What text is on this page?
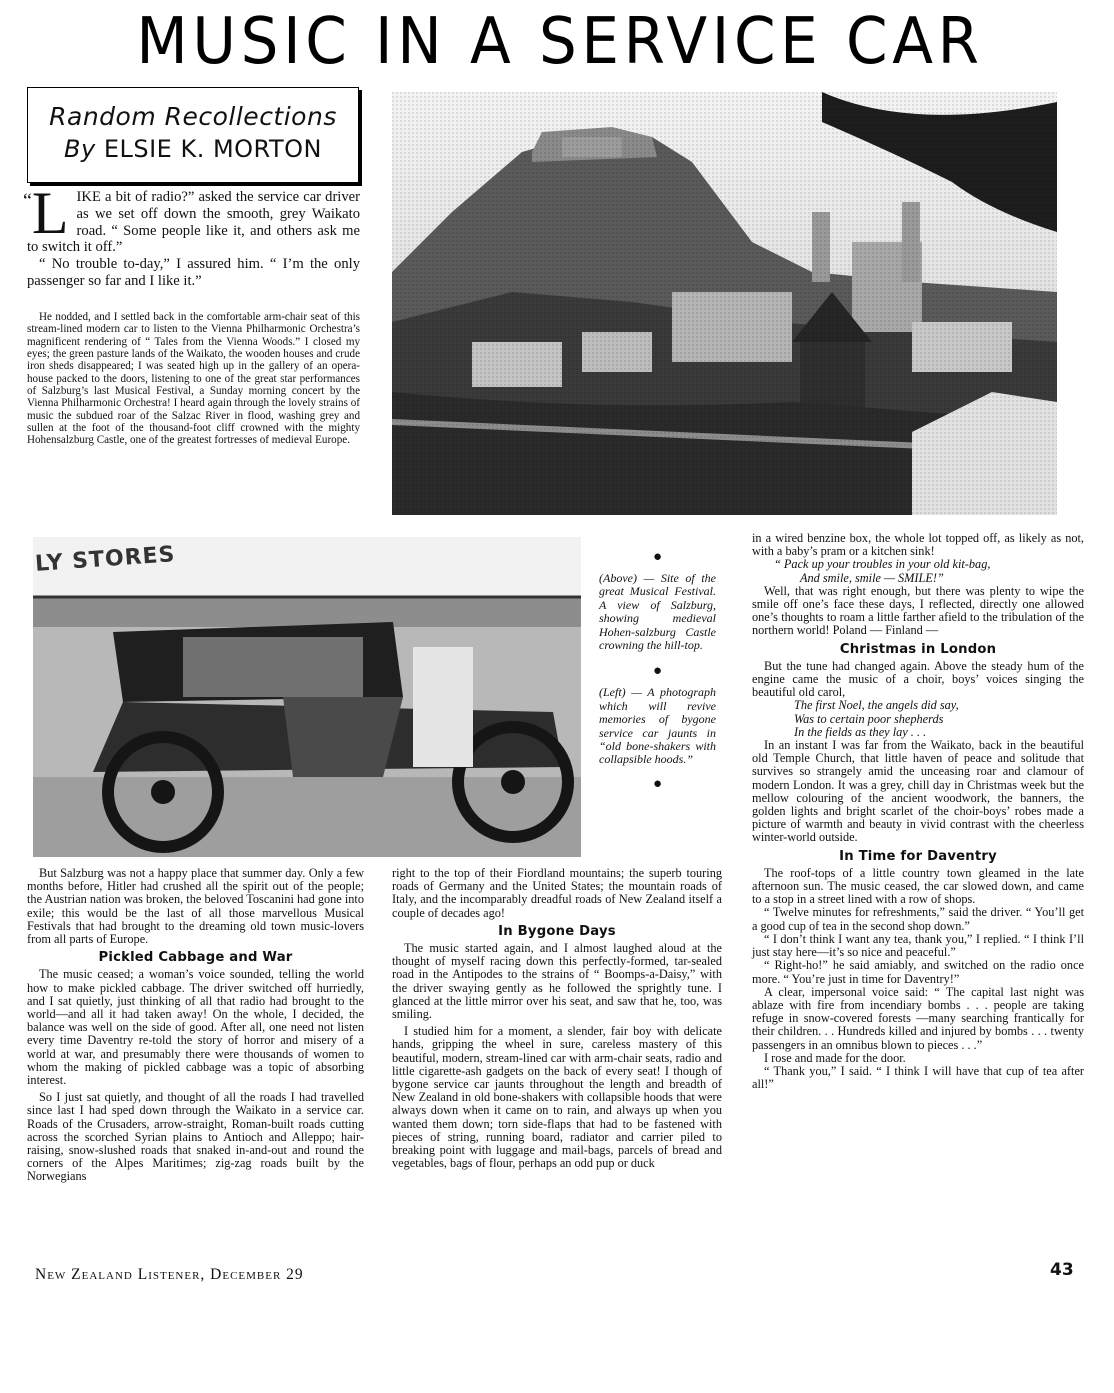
MUSIC IN A SERVICE CAR
Random Recollections
By ELSIE K. MORTON

“L IKE a bit of radio?” asked the service car driver as we set off down the smooth, grey Waikato road. “ Some people like it, and others ask me to switch it off.”

“ No trouble to-day,” I assured him. “ I’m the only passenger so far and I like it.”

He nodded, and I settled back in the comfortable arm-chair seat of this stream-lined modern car to listen to the Vienna Philharmonic Orchestra’s magnificent rendering of “ Tales from the Vienna Woods.” I closed my eyes; the green pasture lands of the Waikato, the wooden houses and crude iron sheds disappeared; I was seated high up in the gallery of an opera-house packed to the doors, listening to one of the great star performances of Salzburg’s last Musical Festival, a Sunday morning concert by the Vienna Philharmonic Orchestra! I heard again through the lovely strains of music the subdued roar of the Salzac River in flood, washing grey and sullen at the foot of the thousand-foot cliff crowned with the mighty Hohensalzburg Castle, one of the greatest fortresses of medieval Europe.

LY STORES	●
(Above) — Site of the great Musical Festival. A view of Salzburg, showing medieval Hohen-salzburg Castle crowning the hill-top.
●
(Left) — A photograph which will revive memories of bygone service car jaunts in “old bone-shakers with collapsible hoods.”
●

But Salzburg was not a happy place that summer day. Only a few months before, Hitler had crushed all the spirit out of the people; the Austrian nation was broken, the beloved Toscanini had gone into exile; this would be the last of all those marvellous Musical Festivals that had brought to the dreaming old town music-lovers from all parts of Europe.

Pickled Cabbage and War

The music ceased; a woman’s voice sounded, telling the world how to make pickled cabbage. The driver switched off hurriedly, and I sat quietly, just thinking of all that radio had brought to the world—and all it had taken away! On the whole, I decided, the balance was well on the side of good. After all, one need not listen every time Daventry re-told the story of horror and misery of a world at war, and presumably there were thousands of women to whom the making of pickled cabbage was a topic of absorbing interest.

So I just sat quietly, and thought of all the roads I had travelled since last I had sped down through the Waikato in a service car. Roads of the Crusaders, arrow-straight, Roman-built roads cutting across the scorched Syrian plains to Antioch and Alleppo; hair-raising, snow-slushed roads that snaked in-and-out and round the corners of the Alpes Maritimes; zig-zag roads built by the Norwegians

right to the top of their Fiordland mountains; the superb touring roads of Germany and the United States; the mountain roads of Italy, and the incomparably dreadful roads of New Zealand itself a couple of decades ago!

In Bygone Days

The music started again, and I almost laughed aloud at the thought of myself racing down this perfectly-formed, tar-sealed road in the Antipodes to the strains of “ Boomps-a-Daisy,” with the driver swaying gently as he followed the sprightly tune. I glanced at the little mirror over his seat, and saw that he, too, was smiling.

I studied him for a moment, a slender, fair boy with delicate hands, gripping the wheel in sure, careless mastery of this beautiful, modern, stream-lined car with arm-chair seats, radio and little cigarette-ash gadgets on the back of every seat! I though of bygone service car jaunts throughout the length and breadth of New Zealand in old bone-shakers with collapsible hoods that were always down when it came on to rain, and always up when you wanted them down; torn side-flaps that had to be fastened with pieces of string, running board, radiator and carrier piled to breaking point with luggage and mail-bags, parcels of bread and vegetables, bags of flour, perhaps an odd pup or duck

in a wired benzine box, the whole lot topped off, as likely as not, with a baby’s pram or a kitchen sink!

“ Pack up your troubles in your old kit-bag,
And smile, smile — SMILE!”

Well, that was right enough, but there was plenty to wipe the smile off one’s face these days, I reflected, directly one allowed one’s thoughts to roam a little farther afield to the tribulation of the northern world! Poland — Finland —

Christmas in London

But the tune had changed again. Above the steady hum of the engine came the music of a choir, boys’ voices singing the beautiful old carol,

The first Noel, the angels did say,
Was to certain poor shepherds
In the fields as they lay . . .

In an instant I was far from the Waikato, back in the beautiful old Temple Church, that little haven of peace and solitude that survives so strangely amid the unceasing roar and clamour of modern London. It was a grey, chill day in Christmas week but the mellow colouring of the ancient woodwork, the banners, the golden lights and bright scarlet of the choir-boys’ robes made a picture of warmth and beauty in vivid contrast with the cheerless winter-world outside.

In Time for Daventry

The roof-tops of a little country town gleamed in the late afternoon sun. The music ceased, the car slowed down, and came to a stop in a street lined with a row of shops.

“ Twelve minutes for refreshments,” said the driver. “ You’ll get a good cup of tea in the second shop down.”

“ I don’t think I want any tea, thank you,” I replied. “ I think I’ll just stay here—it’s so nice and peaceful.”

“ Right-ho!” he said amiably, and switched on the radio once more. “ You’re just in time for Daventry!”

A clear, impersonal voice said: “ The capital last night was ablaze with fire from incendiary bombs . . . people are taking refuge in snow-covered forests —many searching frantically for their children. . . Hundreds killed and injured by bombs . . . twenty passengers in an omnibus blown to pieces . . .”

I rose and made for the door.

“ Thank you,” I said. “ I think I will have that cup of tea after all!”

New Zealand Listener, December 29	43
